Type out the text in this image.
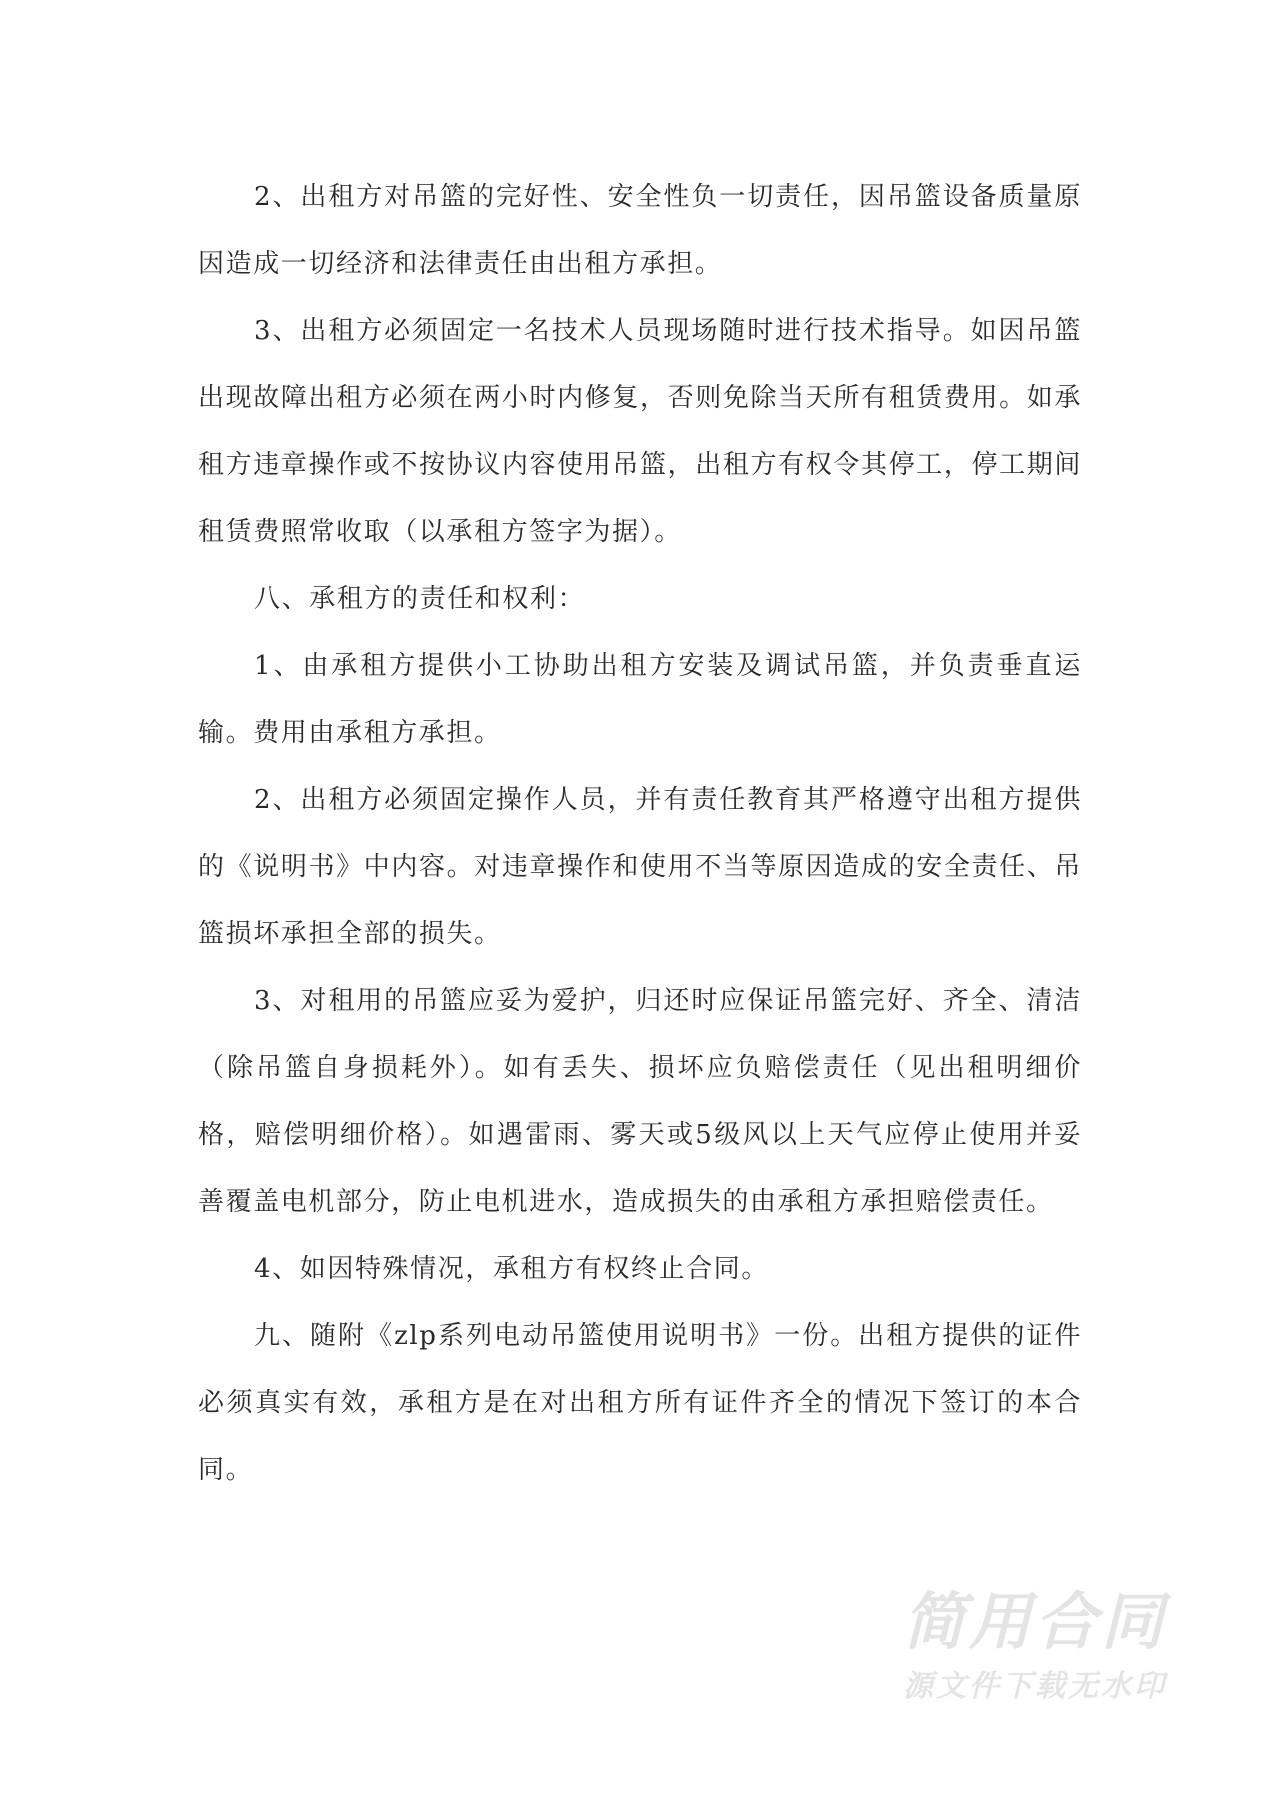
2、出租方对吊篮的完好性、安全性负一切责任，因吊篮设备质量原因造成一切经济和法律责任由出租方承担。

3、出租方必须固定一名技术人员现场随时进行技术指导。如因吊篮出现故障出租方必须在两小时内修复，否则免除当天所有租赁费用。如承租方违章操作或不按协议内容使用吊篮，出租方有权令其停工，停工期间租赁费照常收取（以承租方签字为据）。

八、承租方的责任和权利：

1、由承租方提供小工协助出租方安装及调试吊篮，并负责垂直运输。费用由承租方承担。

2、出租方必须固定操作人员，并有责任教育其严格遵守出租方提供的《说明书》中内容。对违章操作和使用不当等原因造成的安全责任、吊篮损坏承担全部的损失。

3、对租用的吊篮应妥为爱护，归还时应保证吊篮完好、齐全、清洁（除吊篮自身损耗外）。如有丢失、损坏应负赔偿责任（见出租明细价格，赔偿明细价格）。如遇雷雨、雾天或5级风以上天气应停止使用并妥善覆盖电机部分，防止电机进水，造成损失的由承租方承担赔偿责任。

4、如因特殊情况，承租方有权终止合同。

九、随附《zlp系列电动吊篮使用说明书》一份。出租方提供的证件必须真实有效，承租方是在对出租方所有证件齐全的情况下签订的本合同。

简用合同
源文件下载无水印
